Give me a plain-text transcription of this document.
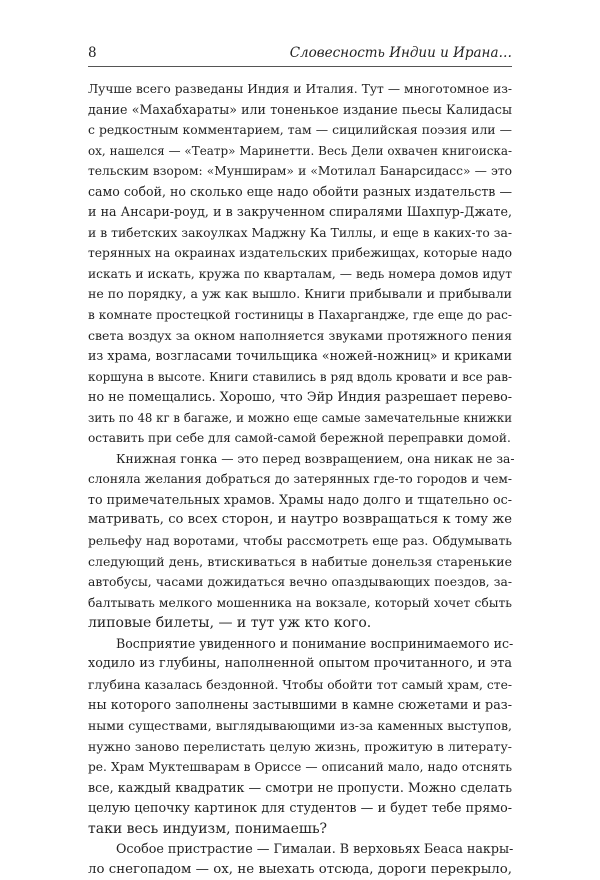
8	Словесность Индии и Ирана…
Лучше всего разведаны Индия и Италия. Тут — многотомное из-
дание «Махабхараты» или тоненькое издание пьесы Калидасы
с редкостным комментарием, там — сицилийская поэзия или —
ох, нашелся — «Театр» Маринетти. Весь Дели охвачен книгоиска-
тельским взором: «Мунширам» и «Мотилал Банарсидасс» — это
само собой, но сколько еще надо обойти разных издательств —
и на Ансари-роуд, и в закрученном спиралями Шахпур-Джате,
и в тибетских закоулках Маджну Ка Тиллы, и еще в каких-то за-
терянных на окраинах издательских прибежищах, которые надо
искать и искать, кружа по кварталам, — ведь номера домов идут
не по порядку, а уж как вышло. Книги прибывали и прибывали
в комнате простецкой гостиницы в Пахаргандже, где еще до рас-
света воздух за окном наполняется звуками протяжного пения
из храма, возгласами точильщика «ножей-ножниц» и криками
коршуна в высоте. Книги ставились в ряд вдоль кровати и все рав-
но не помещались. Хорошо, что Эйр Индия разрешает перево-
зить по 48 кг в багаже, и можно еще самые замечательные книжки
оставить при себе для самой-самой бережной переправки домой.
Книжная гонка — это перед возвращением, она никак не за-
слоняла желания добраться до затерянных где-то городов и чем-
то примечательных храмов. Храмы надо долго и тщательно ос-
матривать, со всех сторон, и наутро возвращаться к тому же
рельефу над воротами, чтобы рассмотреть еще раз. Обдумывать
следующий день, втискиваться в набитые донельзя старенькие
автобусы, часами дожидаться вечно опаздывающих поездов, за-
балтывать мелкого мошенника на вокзале, который хочет сбыть
липовые билеты, — и тут уж кто кого.
Восприятие увиденного и понимание воспринимаемого ис-
ходило из глубины, наполненной опытом прочитанного, и эта
глубина казалась бездонной. Чтобы обойти тот самый храм, сте-
ны которого заполнены застывшими в камне сюжетами и раз-
ными существами, выглядывающими из-за каменных выступов,
нужно заново перелистать целую жизнь, прожитую в литерату-
ре. Храм Муктешварам в Ориссе — описаний мало, надо отснять
все, каждый квадратик — смотри не пропусти. Можно сделать
целую цепочку картинок для студентов — и будет тебе прямо-
таки весь индуизм, понимаешь?
Особое пристрастие — Гималаи. В верховьях Беаса накры-
ло снегопадом — ох, не выехать отсюда, дороги перекрыло,
